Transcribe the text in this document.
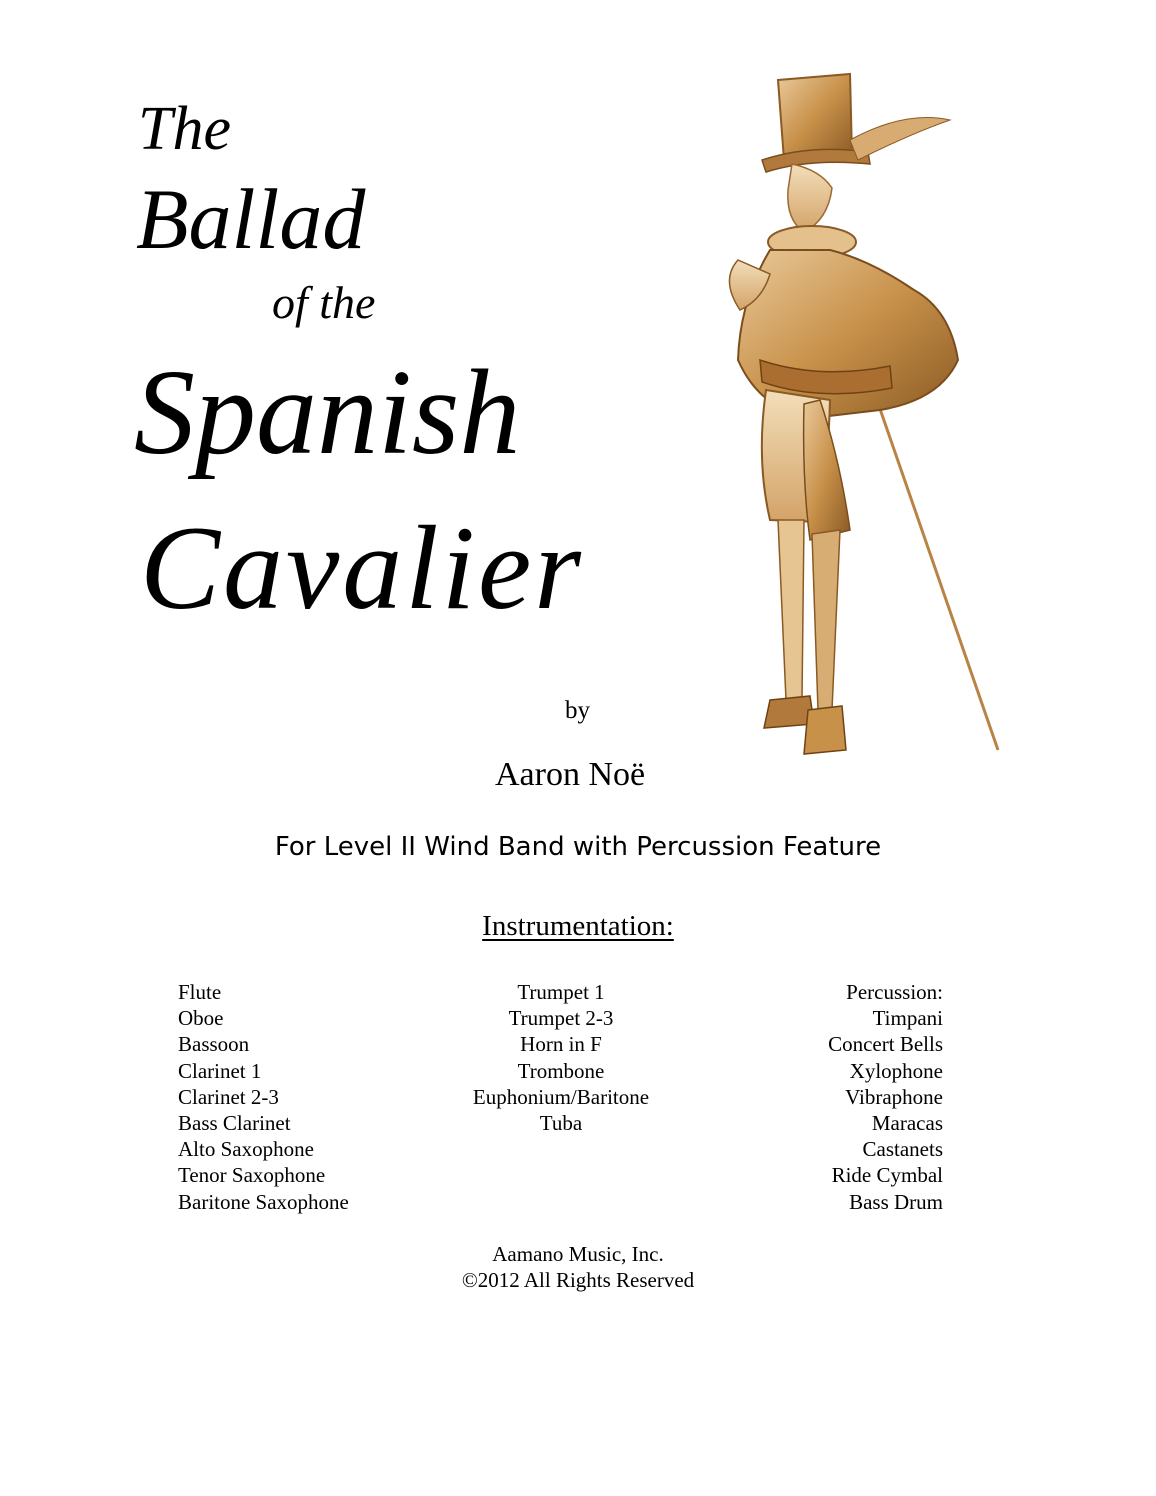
The
Ballad
of the
Spanish
Cavalier
by
Aaron Noë
For Level II Wind Band with Percussion Feature
Instrumentation:
Flute
Oboe
Bassoon
Clarinet 1
Clarinet 2-3
Bass Clarinet
Alto Saxophone
Tenor Saxophone
Baritone Saxophone
Trumpet 1
Trumpet 2-3
Horn in F
Trombone
Euphonium/Baritone
Tuba
Percussion:
Timpani
Concert Bells
Xylophone
Vibraphone
Maracas
Castanets
Ride Cymbal
Bass Drum
Aamano Music, Inc.
©2012 All Rights Reserved
